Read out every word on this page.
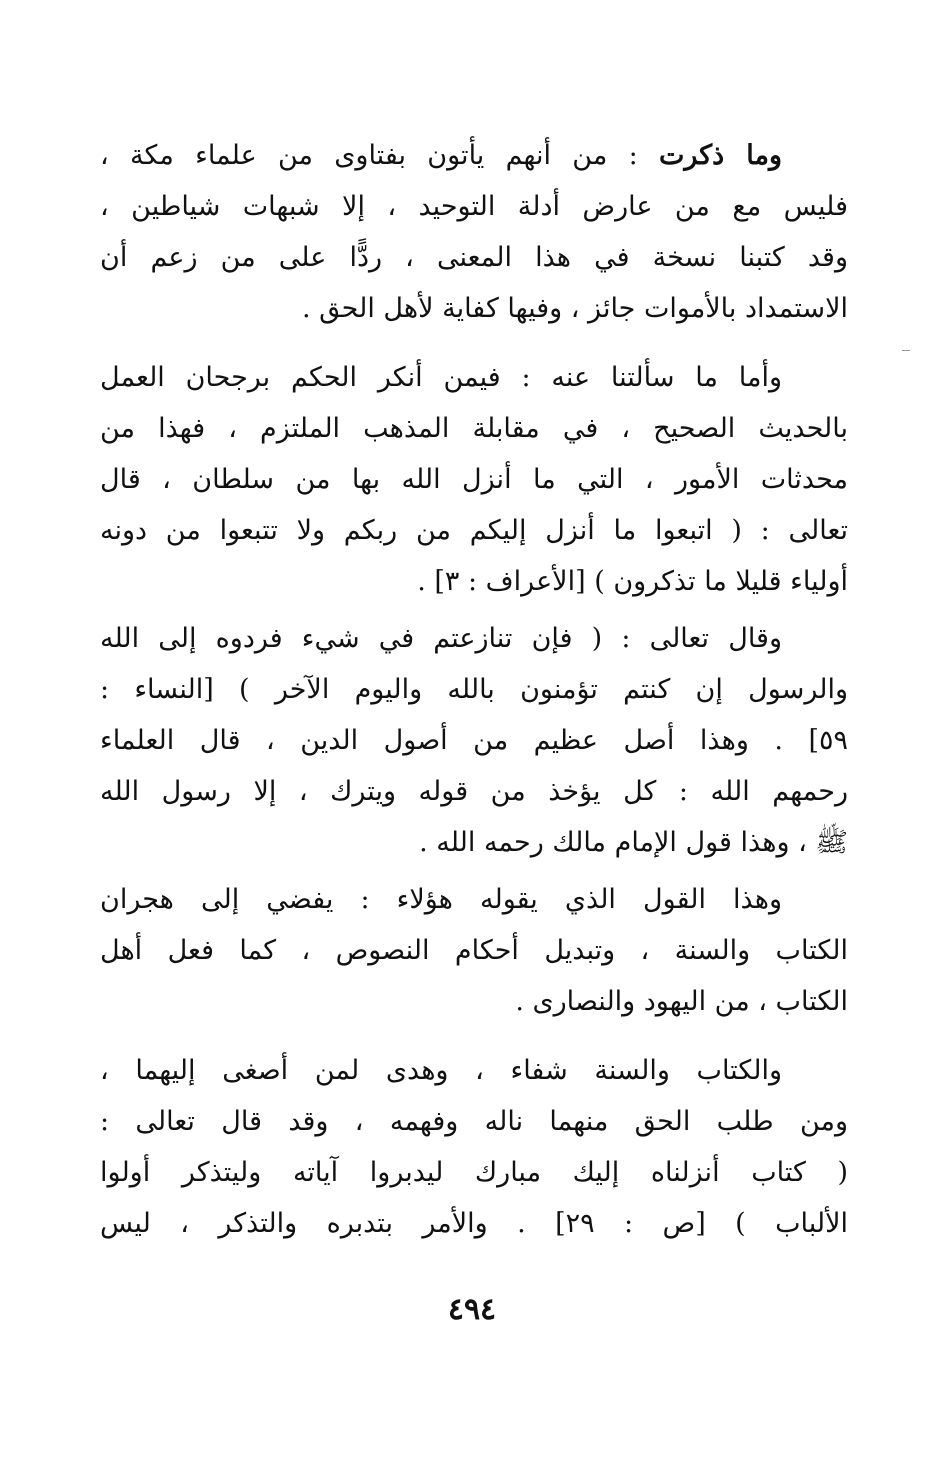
وما ذكرت : من أنهم يأتون بفتاوى من علماء مكة ،
فليس مع من عارض أدلة التوحيد ، إلا شبهات شياطين ،
وقد كتبنا نسخة في هذا المعنى ، ردًّا على من زعم أن
الاستمداد بالأموات جائز ، وفيها كفاية لأهل الحق .

وأما ما سألتنا عنه : فيمن أنكر الحكم برجحان العمل
بالحديث الصحيح ، في مقابلة المذهب الملتزم ، فهذا من
محدثات الأمور ، التي ما أنزل الله بها من سلطان ، قال
تعالى : ( اتبعوا ما أنزل إليكم من ربكم ولا تتبعوا من دونه
أولياء قليلا ما تذكرون ) [الأعراف : ٣] .

وقال تعالى : ( فإن تنازعتم في شيء فردوه إلى الله
والرسول إن كنتم تؤمنون بالله واليوم الآخر ) [النساء :
٥٩] . وهذا أصل عظيم من أصول الدين ، قال العلماء
رحمهم الله : كل يؤخذ من قوله ويترك ، إلا رسول الله
ﷺ ، وهذا قول الإمام مالك رحمه الله .

وهذا القول الذي يقوله هؤلاء : يفضي إلى هجران
الكتاب والسنة ، وتبديل أحكام النصوص ، كما فعل أهل
الكتاب ، من اليهود والنصارى .

والكتاب والسنة شفاء ، وهدى لمن أصغى إليهما ،
ومن طلب الحق منهما ناله وفهمه ، وقد قال تعالى :
( كتاب أنزلناه إليك مبارك ليدبروا آياته وليتذكر أولوا
الألباب ) [ص : ٢٩] . والأمر بتدبره والتذكر ، ليس

٤٩٤
